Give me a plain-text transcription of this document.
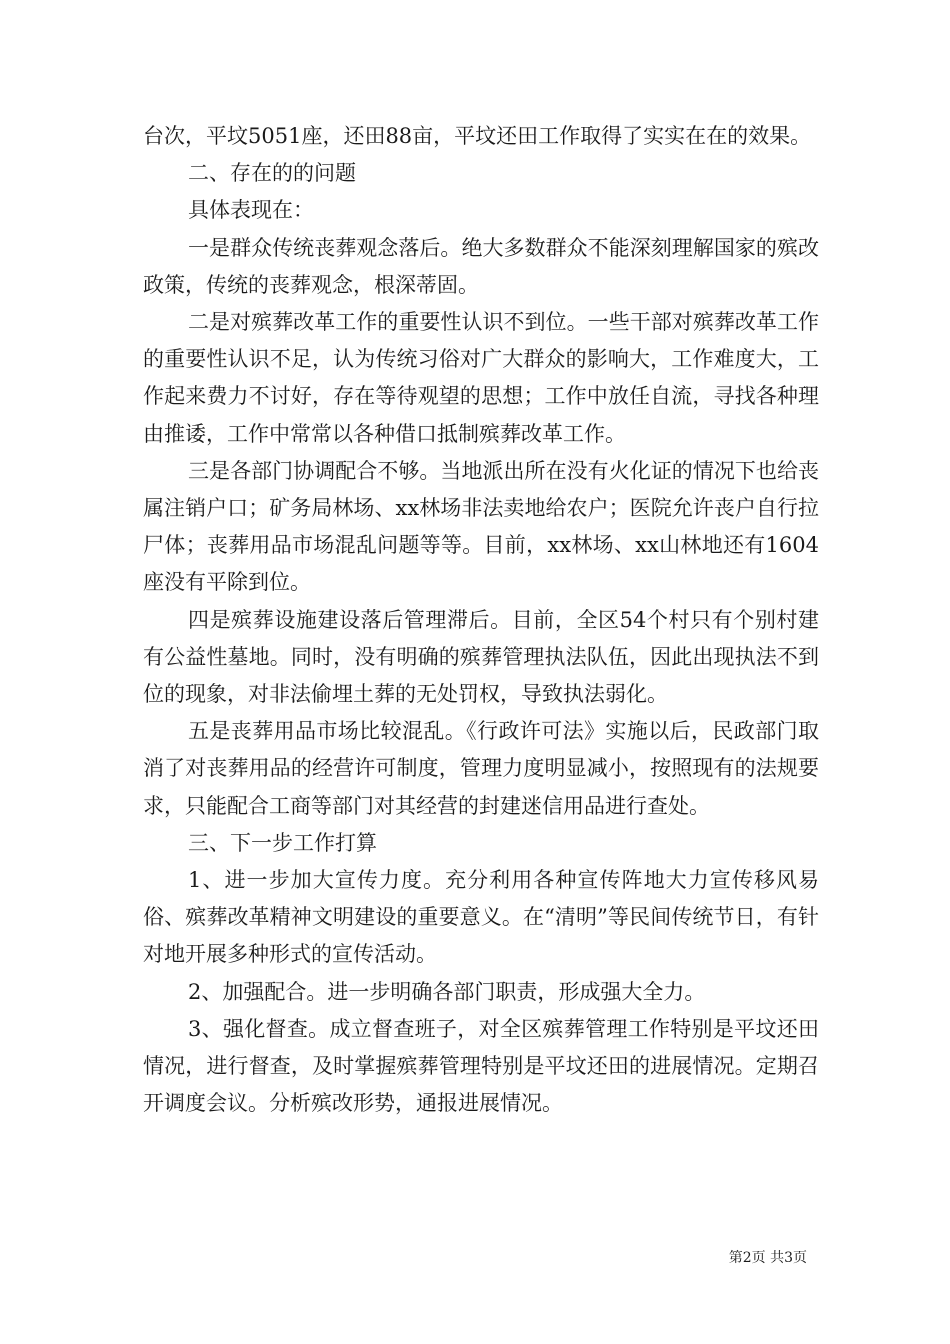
台次，平坟5051座，还田88亩，平坟还田工作取得了实实在在的效果。

二、存在的的问题

具体表现在：

一是群众传统丧葬观念落后。绝大多数群众不能深刻理解国家的殡改政策，传统的丧葬观念，根深蒂固。

二是对殡葬改革工作的重要性认识不到位。一些干部对殡葬改革工作的重要性认识不足，认为传统习俗对广大群众的影响大，工作难度大，工作起来费力不讨好，存在等待观望的思想；工作中放任自流，寻找各种理由推诿，工作中常常以各种借口抵制殡葬改革工作。

三是各部门协调配合不够。当地派出所在没有火化证的情况下也给丧属注销户口；矿务局林场、xx林场非法卖地给农户；医院允许丧户自行拉尸体；丧葬用品市场混乱问题等等。目前，xx林场、xx山林地还有1604座没有平除到位。

四是殡葬设施建设落后管理滞后。目前，全区54个村只有个别村建有公益性墓地。同时，没有明确的殡葬管理执法队伍，因此出现执法不到位的现象，对非法偷埋土葬的无处罚权，导致执法弱化。

五是丧葬用品市场比较混乱。《行政许可法》实施以后，民政部门取消了对丧葬用品的经营许可制度，管理力度明显减小，按照现有的法规要求，只能配合工商等部门对其经营的封建迷信用品进行查处。

三、下一步工作打算

1、进一步加大宣传力度。充分利用各种宣传阵地大力宣传移风易俗、殡葬改革精神文明建设的重要意义。在“清明”等民间传统节日，有针对地开展多种形式的宣传活动。

2、加强配合。进一步明确各部门职责，形成强大全力。

3、强化督查。成立督查班子，对全区殡葬管理工作特别是平坟还田情况，进行督查，及时掌握殡葬管理特别是平坟还田的进展情况。定期召开调度会议。分析殡改形势，通报进展情况。

第2页 共3页
